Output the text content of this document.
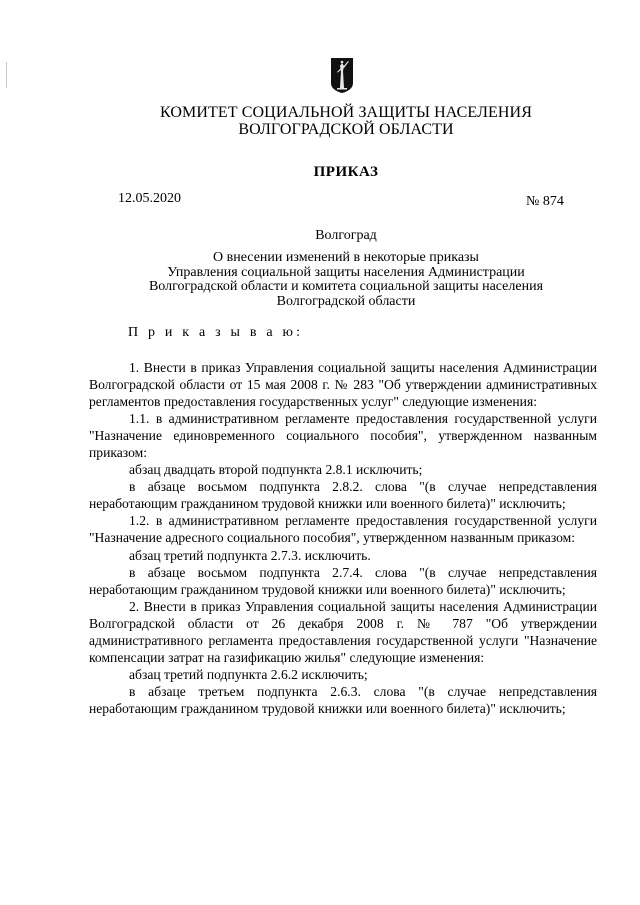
КОМИТЕТ СОЦИАЛЬНОЙ ЗАЩИТЫ НАСЕЛЕНИЯ
ВОЛГОГРАДСКОЙ ОБЛАСТИ
ПРИКАЗ
12.05.2020	№ 874
Волгоград
О внесении изменений в некоторые приказы
Управления социальной защиты населения Администрации
Волгоградской области и комитета социальной защиты населения
Волгоградской области
П р и к а з ы в а ю:

1. Внести в приказ Управления социальной защиты населения Администрации Волгоградской области от 15 мая 2008 г. № 283 "Об утверждении административных регламентов предоставления государственных услуг" следующие изменения:

1.1. в административном регламенте предоставления государственной услуги "Назначение единовременного социального пособия", утвержденном названным приказом:

абзац двадцать второй подпункта 2.8.1 исключить;

в абзаце восьмом подпункта 2.8.2. слова "(в случае непредставления неработающим гражданином трудовой книжки или военного билета)" исключить;

1.2. в административном регламенте предоставления государственной услуги "Назначение адресного социального пособия", утвержденном названным приказом:

абзац третий подпункта 2.7.3. исключить.

в абзаце восьмом подпункта 2.7.4. слова "(в случае непредставления неработающим гражданином трудовой книжки или военного билета)" исключить;

2. Внести в приказ Управления социальной защиты населения Администрации Волгоградской области от 26 декабря 2008 г. № 787 "Об утверждении административного регламента предоставления государственной услуги "Назначение компенсации затрат на газификацию жилья" следующие изменения:

абзац третий подпункта 2.6.2 исключить;

в абзаце третьем подпункта 2.6.3. слова "(в случае непредставления неработающим гражданином трудовой книжки или военного билета)" исключить;
